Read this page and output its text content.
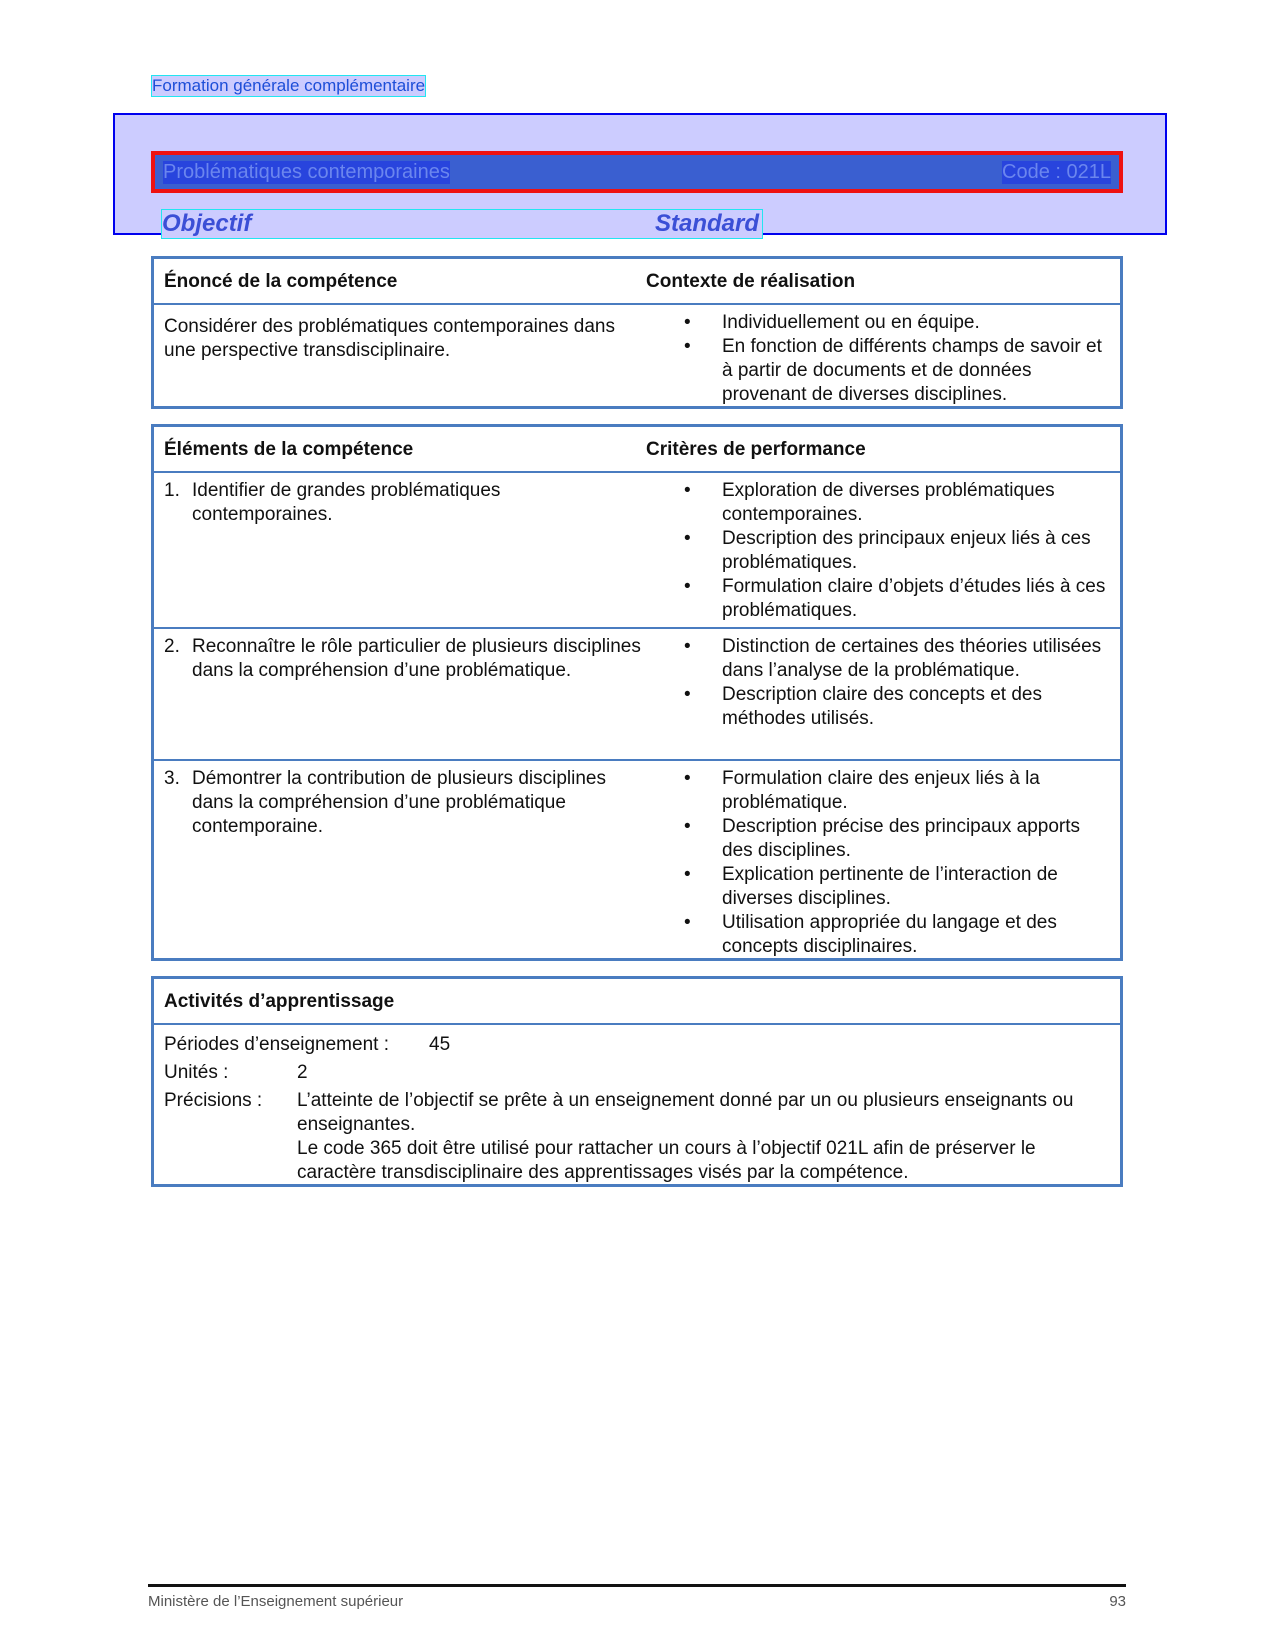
Formation générale complémentaire
Problématiques contemporaines	Code : 021L
Objectif	Standard
Énoncé de la compétence	Contexte de réalisation
Considérer des problématiques contemporaines dans une perspective transdisciplinaire.
• Individuellement ou en équipe.
• En fonction de différents champs de savoir et à partir de documents et de données provenant de diverses disciplines.
Éléments de la compétence	Critères de performance
1. Identifier de grandes problématiques contemporaines.
• Exploration de diverses problématiques contemporaines.
• Description des principaux enjeux liés à ces problématiques.
• Formulation claire d’objets d’études liés à ces problématiques.
2. Reconnaître le rôle particulier de plusieurs disciplines dans la compréhension d’une problématique.
• Distinction de certaines des théories utilisées dans l’analyse de la problématique.
• Description claire des concepts et des méthodes utilisés.
3. Démontrer la contribution de plusieurs disciplines dans la compréhension d’une problématique contemporaine.
• Formulation claire des enjeux liés à la problématique.
• Description précise des principaux apports des disciplines.
• Explication pertinente de l’interaction de diverses disciplines.
• Utilisation appropriée du langage et des concepts disciplinaires.
Activités d’apprentissage
Périodes d’enseignement :	45
Unités :	2
Précisions :	L’atteinte de l’objectif se prête à un enseignement donné par un ou plusieurs enseignants ou enseignantes.
Le code 365 doit être utilisé pour rattacher un cours à l’objectif 021L afin de préserver le caractère transdisciplinaire des apprentissages visés par la compétence.
Ministère de l’Enseignement supérieur	93
